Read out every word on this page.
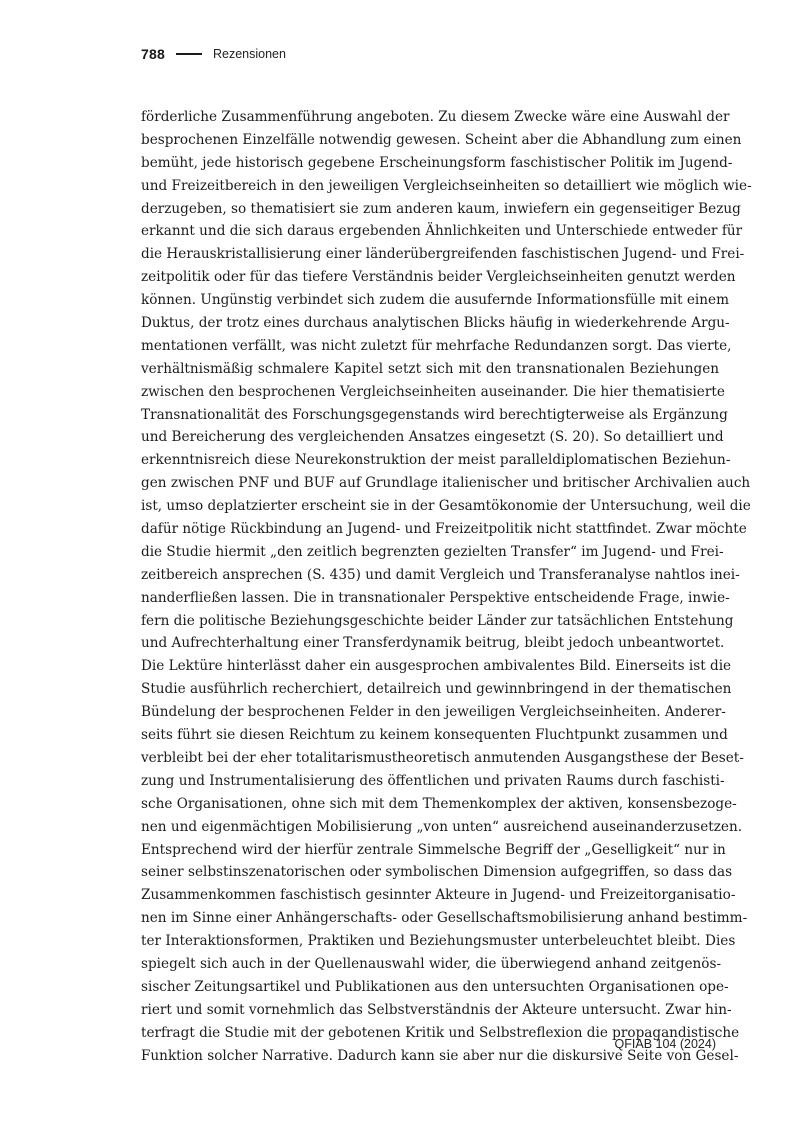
788	Rezensionen
förderliche Zusammenführung angeboten. Zu diesem Zwecke wäre eine Auswahl der
besprochenen Einzelfälle notwendig gewesen. Scheint aber die Abhandlung zum einen
bemüht, jede historisch gegebene Erscheinungsform faschistischer Politik im Jugend-
und Freizeitbereich in den jeweiligen Vergleichseinheiten so detailliert wie möglich wie-
derzugeben, so thematisiert sie zum anderen kaum, inwiefern ein gegenseitiger Bezug
erkannt und die sich daraus ergebenden Ähnlichkeiten und Unterschiede entweder für
die Herauskristallisierung einer länderübergreifenden faschistischen Jugend- und Frei-
zeitpolitik oder für das tiefere Verständnis beider Vergleichseinheiten genutzt werden
können. Ungünstig verbindet sich zudem die ausufernde Informationsfülle mit einem
Duktus, der trotz eines durchaus analytischen Blicks häufig in wiederkehrende Argu-
mentationen verfällt, was nicht zuletzt für mehrfache Redundanzen sorgt. Das vierte,
verhältnismäßig schmalere Kapitel setzt sich mit den transnationalen Beziehungen
zwischen den besprochenen Vergleichseinheiten auseinander. Die hier thematisierte
Transnationalität des Forschungsgegenstands wird berechtigterweise als Ergänzung
und Bereicherung des vergleichenden Ansatzes eingesetzt (S. 20). So detailliert und
erkenntnisreich diese Neurekonstruktion der meist paralleldiplomatischen Beziehun-
gen zwischen PNF und BUF auf Grundlage italienischer und britischer Archivalien auch
ist, umso deplatzierter erscheint sie in der Gesamtökonomie der Untersuchung, weil die
dafür nötige Rückbindung an Jugend- und Freizeitpolitik nicht stattfindet. Zwar möchte
die Studie hiermit „den zeitlich begrenzten gezielten Transfer“ im Jugend- und Frei-
zeitbereich ansprechen (S. 435) und damit Vergleich und Transferanalyse nahtlos inei-
nanderfließen lassen. Die in transnationaler Perspektive entscheidende Frage, inwie-
fern die politische Beziehungsgeschichte beider Länder zur tatsächlichen Entstehung
und Aufrechterhaltung einer Transferdynamik beitrug, bleibt jedoch unbeantwortet.
Die Lektüre hinterlässt daher ein ausgesprochen ambivalentes Bild. Einerseits ist die
Studie ausführlich recherchiert, detailreich und gewinnbringend in der thematischen
Bündelung der besprochenen Felder in den jeweiligen Vergleichseinheiten. Anderer-
seits führt sie diesen Reichtum zu keinem konsequenten Fluchtpunkt zusammen und
verbleibt bei der eher totalitarismustheoretisch anmutenden Ausgangsthese der Beset-
zung und Instrumentalisierung des öffentlichen und privaten Raums durch faschisti-
sche Organisationen, ohne sich mit dem Themenkomplex der aktiven, konsensbezoge-
nen und eigenmächtigen Mobilisierung „von unten“ ausreichend auseinanderzusetzen.
Entsprechend wird der hierfür zentrale Simmelsche Begriff der „Geselligkeit“ nur in
seiner selbstinszenatorischen oder symbolischen Dimension aufgegriffen, so dass das
Zusammenkommen faschistisch gesinnter Akteure in Jugend- und Freizeitorganisatio-
nen im Sinne einer Anhängerschafts- oder Gesellschaftsmobilisierung anhand bestimm-
ter Interaktionsformen, Praktiken und Beziehungsmuster unterbeleuchtet bleibt. Dies
spiegelt sich auch in der Quellenauswahl wider, die überwiegend anhand zeitgenös-
sischer Zeitungsartikel und Publikationen aus den untersuchten Organisationen ope-
riert und somit vornehmlich das Selbstverständnis der Akteure untersucht. Zwar hin-
terfragt die Studie mit der gebotenen Kritik und Selbstreflexion die propagandistische
Funktion solcher Narrative. Dadurch kann sie aber nur die diskursive Seite von Gesel-
QFIAB 104 (2024)
